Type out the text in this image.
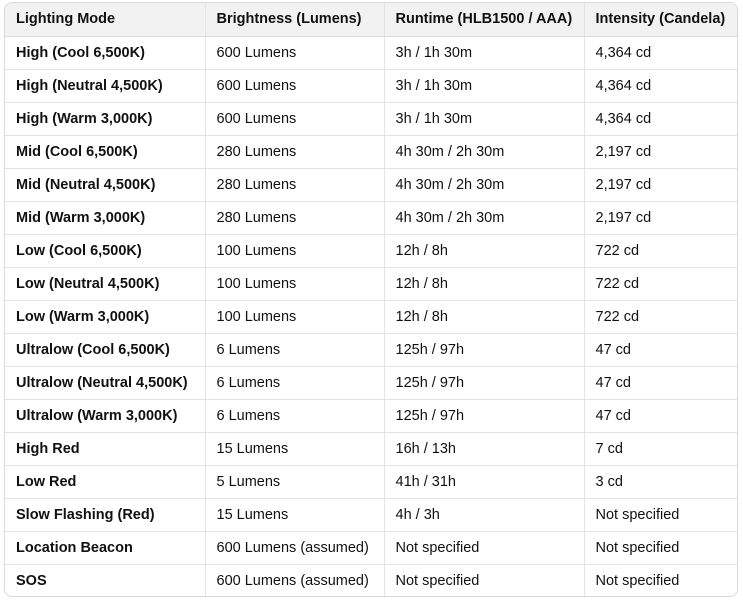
Lighting Mode	Brightness (Lumens)	Runtime (HLB1500 / AAA)	Intensity (Candela)
High (Cool 6,500K)	600 Lumens	3h / 1h 30m	4,364 cd
High (Neutral 4,500K)	600 Lumens	3h / 1h 30m	4,364 cd
High (Warm 3,000K)	600 Lumens	3h / 1h 30m	4,364 cd
Mid (Cool 6,500K)	280 Lumens	4h 30m / 2h 30m	2,197 cd
Mid (Neutral 4,500K)	280 Lumens	4h 30m / 2h 30m	2,197 cd
Mid (Warm 3,000K)	280 Lumens	4h 30m / 2h 30m	2,197 cd
Low (Cool 6,500K)	100 Lumens	12h / 8h	722 cd
Low (Neutral 4,500K)	100 Lumens	12h / 8h	722 cd
Low (Warm 3,000K)	100 Lumens	12h / 8h	722 cd
Ultralow (Cool 6,500K)	6 Lumens	125h / 97h	47 cd
Ultralow (Neutral 4,500K)	6 Lumens	125h / 97h	47 cd
Ultralow (Warm 3,000K)	6 Lumens	125h / 97h	47 cd
High Red	15 Lumens	16h / 13h	7 cd
Low Red	5 Lumens	41h / 31h	3 cd
Slow Flashing (Red)	15 Lumens	4h / 3h	Not specified
Location Beacon	600 Lumens (assumed)	Not specified	Not specified
SOS	600 Lumens (assumed)	Not specified	Not specified
